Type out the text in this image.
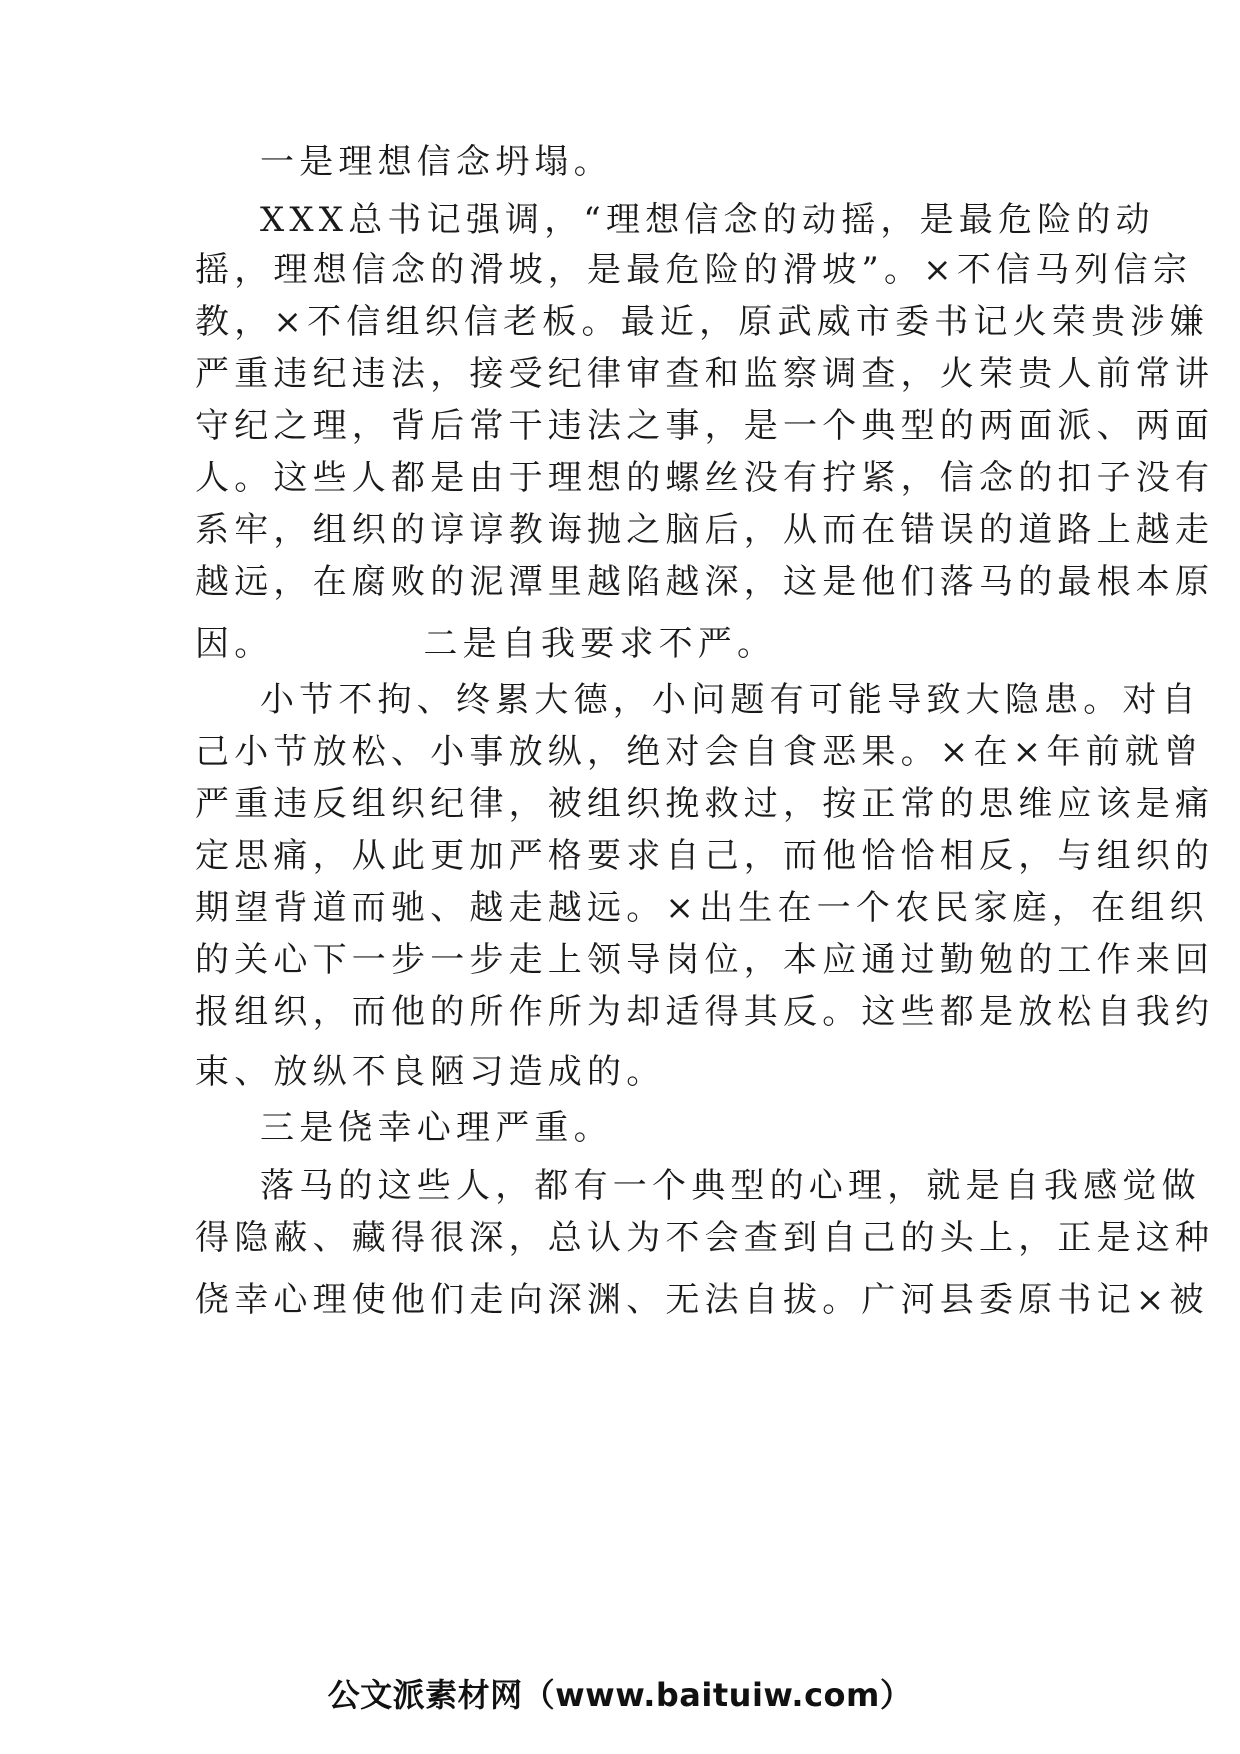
一是理想信念坍塌。
XXX总书记强调，“理想信念的动摇，是最危险的动
摇，理想信念的滑坡，是最危险的滑坡”。×不信马列信宗
教，×不信组织信老板。最近，原武威市委书记火荣贵涉嫌
严重违纪违法，接受纪律审查和监察调查，火荣贵人前常讲
守纪之理，背后常干违法之事，是一个典型的两面派、两面
人。这些人都是由于理想的螺丝没有拧紧，信念的扣子没有
系牢，组织的谆谆教诲抛之脑后，从而在错误的道路上越走
越远，在腐败的泥潭里越陷越深，这是他们落马的最根本原
因。	二是自我要求不严。
小节不拘、终累大德，小问题有可能导致大隐患。对自
己小节放松、小事放纵，绝对会自食恶果。×在×年前就曾
严重违反组织纪律，被组织挽救过，按正常的思维应该是痛
定思痛，从此更加严格要求自己，而他恰恰相反，与组织的
期望背道而驰、越走越远。×出生在一个农民家庭，在组织
的关心下一步一步走上领导岗位，本应通过勤勉的工作来回
报组织，而他的所作所为却适得其反。这些都是放松自我约
束、放纵不良陋习造成的。
三是侥幸心理严重。
落马的这些人，都有一个典型的心理，就是自我感觉做
得隐蔽、藏得很深，总认为不会查到自己的头上，正是这种
侥幸心理使他们走向深渊、无法自拔。广河县委原书记×被
公文派素材网（www.baituiw.com）
